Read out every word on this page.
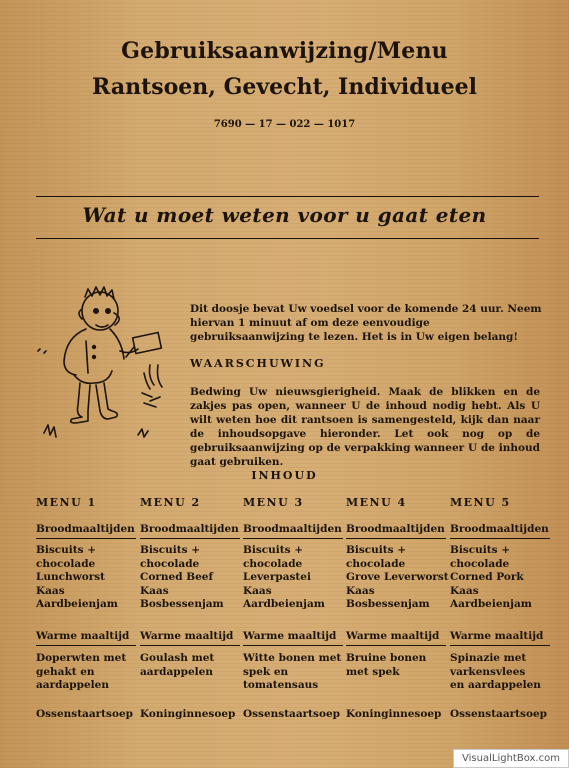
Gebruiksaanwijzing/Menu
Rantsoen, Gevecht, Individueel
7690 — 17 — 022 — 1017
Wat u moet weten voor u gaat eten
Dit doosje bevat Uw voedsel voor de komende 24 uur. Neem hiervan 1 minuut af om deze eenvoudige gebruiksaanwijzing te lezen. Het is in Uw eigen belang!
WAARSCHUWING
Bedwing Uw nieuwsgierigheid. Maak de blikken en de zakjes pas open, wanneer U de inhoud nodig hebt. Als U wilt weten hoe dit rantsoen is samengesteld, kijk dan naar de inhoudsopgave hieronder. Let ook nog op de gebruiksaanwijzing op de verpakking wanneer U de inhoud gaat gebruiken.
INHOUD
MENU 1
Broodmaaltijden
Biscuits +
chocolade
Lunchworst
Kaas
Aardbeienjam
Warme maaltijd
Doperwten met
gehakt en
aardappelen
Ossenstaartsoep
MENU 2
Broodmaaltijden
Biscuits +
chocolade
Corned Beef
Kaas
Bosbessenjam
Warme maaltijd
Goulash met
aardappelen
Koninginnesoep
MENU 3
Broodmaaltijden
Biscuits +
chocolade
Leverpastei
Kaas
Aardbeienjam
Warme maaltijd
Witte bonen met
spek en
tomatensaus
Ossenstaartsoep
MENU 4
Broodmaaltijden
Biscuits +
chocolade
Grove Leverworst
Kaas
Bosbessenjam
Warme maaltijd
Bruine bonen
met spek
Koninginnesoep
MENU 5
Broodmaaltijden
Biscuits +
chocolade
Corned Pork
Kaas
Aardbeienjam
Warme maaltijd
Spinazie met
varkensvlees
en aardappelen
Ossenstaartsoep
VisualLightBox.com
